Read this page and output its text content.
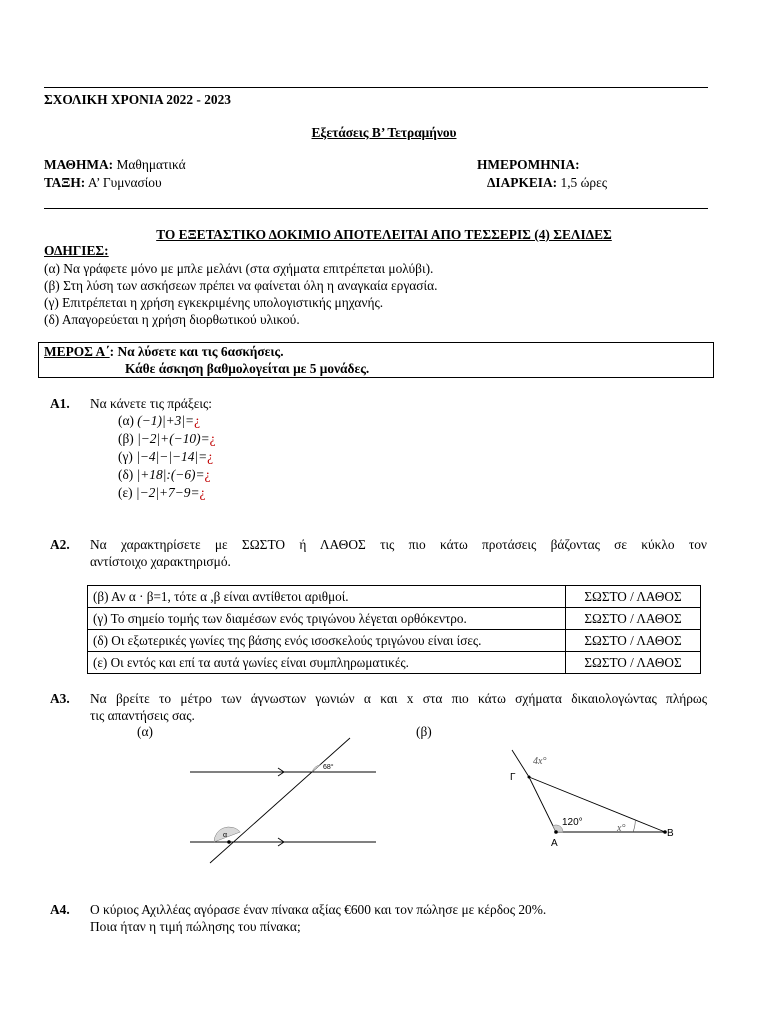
ΣΧΟΛΙΚΗ ΧΡΟΝΙΑ 2022 - 2023
Εξετάσεις Β’ Τετραμήνου
ΜΑΘΗΜΑ: Μαθηματικά
ΤΑΞΗ: Α’ Γυμνασίου
ΗΜΕΡΟΜΗΝΙΑ:
ΔΙΑΡΚΕΙΑ: 1,5 ώρες
ΤΟ ΕΞΕΤΑΣΤΙΚΟ ΔΟΚΙΜΙΟ ΑΠΟΤΕΛΕΙΤΑΙ ΑΠΟ ΤΕΣΣΕΡΙΣ (4) ΣΕΛΙΔΕΣ
ΟΔΗΓΙΕΣ:
(α) Να γράφετε μόνο με μπλε μελάνι (στα σχήματα επιτρέπεται μολύβι).
(β) Στη λύση των ασκήσεων πρέπει να φαίνεται όλη η αναγκαία εργασία.
(γ) Επιτρέπεται η χρήση εγκεκριμένης υπολογιστικής μηχανής.
(δ) Απαγορεύεται η χρήση διορθωτικού υλικού.
ΜΕΡΟΣ Α΄: Να λύσετε και τις 6ασκήσεις.
Κάθε άσκηση βαθμολογείται με 5 μονάδες.
Α1. Να κάνετε τις πράξεις:
(α) (−1)|+3|=¿
(β) |−2|+(−10)=¿
(γ) |−4|−|−14|=¿
(δ) |+18|:(−6)=¿
(ε) |−2|+7−9=¿
Α2. Να χαρακτηρίσετε με ΣΩΣΤΟ ή ΛΑΘΟΣ τις πιο κάτω προτάσεις βάζοντας σε κύκλο τον
αντίστοιχο χαρακτηρισμό.
(β) Αν α · β=1, τότε α ,β είναι αντίθετοι αριθμοί.	ΣΩΣΤΟ / ΛΑΘΟΣ
(γ) Το σημείο τομής των διαμέσων ενός τριγώνου λέγεται ορθόκεντρο.	ΣΩΣΤΟ / ΛΑΘΟΣ
(δ) Οι εξωτερικές γωνίες της βάσης ενός ισοσκελούς τριγώνου είναι ίσες.	ΣΩΣΤΟ / ΛΑΘΟΣ
(ε) Οι εντός και επί τα αυτά γωνίες είναι συμπληρωματικές.	ΣΩΣΤΟ / ΛΑΘΟΣ
Α3. Να βρείτε το μέτρο των άγνωστων γωνιών α και x στα πιο κάτω σχήματα δικαιολογώντας πλήρως
τις απαντήσεις σας.
(α)	(β)
68°
α
4x°
Γ
120°
x°
Α
Β
Α4. Ο κύριος Αχιλλέας αγόρασε έναν πίνακα αξίας €600 και τον πώλησε με κέρδος 20%.
Ποια ήταν η τιμή πώλησης του πίνακα;
